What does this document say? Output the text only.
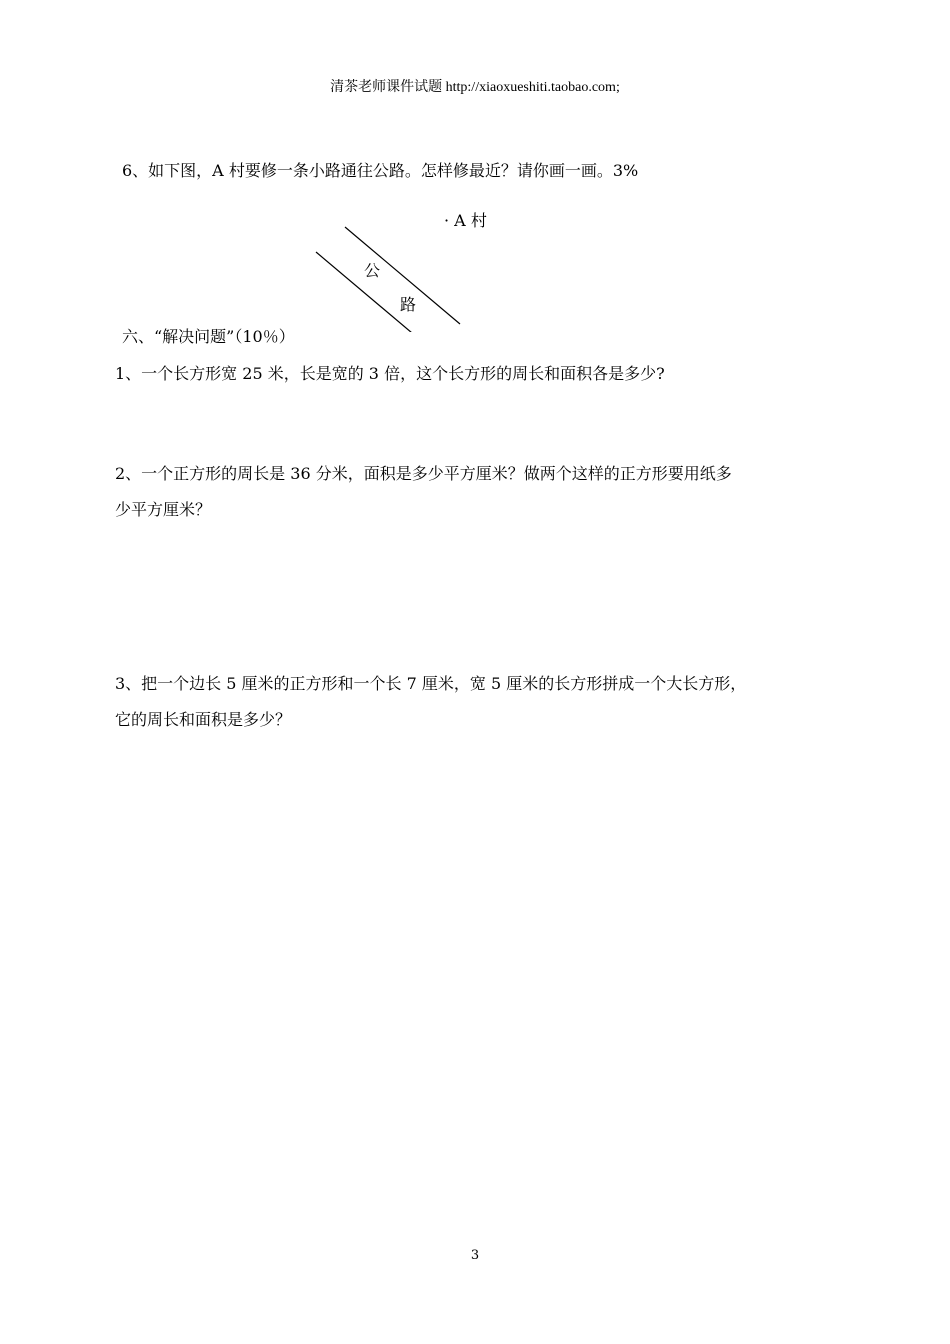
清茶老师课件试题 http://xiaoxueshiti.taobao.com;
6、如下图，A 村要修一条小路通往公路。怎样修最近？请你画一画。3%
· A 村
公
路
六、“解决问题”（10％）
1、一个长方形宽 25 米，长是宽的 3 倍，这个长方形的周长和面积各是多少?
2、一个正方形的周长是 36 分米，面积是多少平方厘米？做两个这样的正方形要用纸多
少平方厘米？
3、把一个边长 5 厘米的正方形和一个长 7 厘米，宽 5 厘米的长方形拼成一个大长方形，
它的周长和面积是多少？
3
